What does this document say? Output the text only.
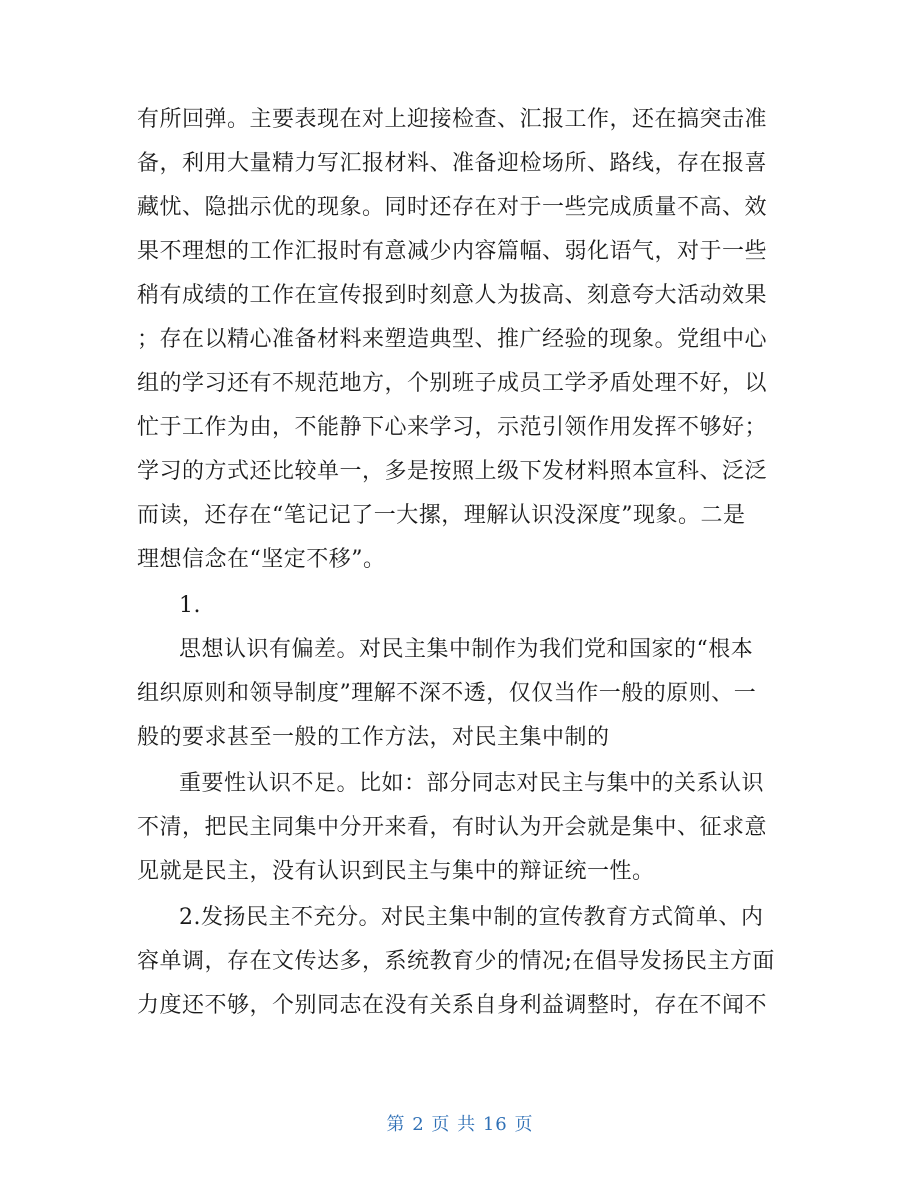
有所回弹。主要表现在对上迎接检查、汇报工作，还在搞突击准
备，利用大量精力写汇报材料、准备迎检场所、路线，存在报喜
藏忧、隐拙示优的现象。同时还存在对于一些完成质量不高、效
果不理想的工作汇报时有意减少内容篇幅、弱化语气，对于一些
稍有成绩的工作在宣传报到时刻意人为拔高、刻意夸大活动效果
；存在以精心准备材料来塑造典型、推广经验的现象。党组中心
组的学习还有不规范地方，个别班子成员工学矛盾处理不好，以
忙于工作为由，不能静下心来学习，示范引领作用发挥不够好；
学习的方式还比较单一，多是按照上级下发材料照本宣科、泛泛
而读，还存在“笔记记了一大摞，理解认识没深度”现象。二是
理想信念在“坚定不移”。
1.
思想认识有偏差。对民主集中制作为我们党和国家的“根本
组织原则和领导制度”理解不深不透，仅仅当作一般的原则、一
般的要求甚至一般的工作方法，对民主集中制的
重要性认识不足。比如：部分同志对民主与集中的关系认识
不清，把民主同集中分开来看，有时认为开会就是集中、征求意
见就是民主，没有认识到民主与集中的辩证统一性。
2.发扬民主不充分。对民主集中制的宣传教育方式简单、内
容单调，存在文传达多，系统教育少的情况;在倡导发扬民主方面
力度还不够，个别同志在没有关系自身利益调整时，存在不闻不
第 2 页 共 16 页
